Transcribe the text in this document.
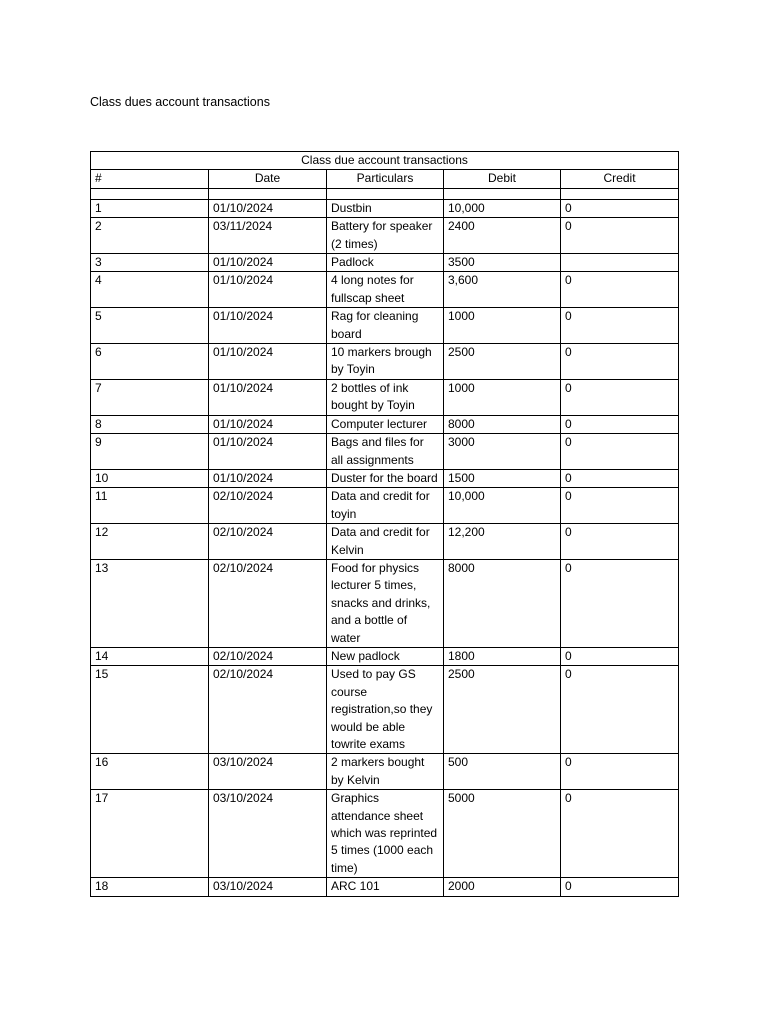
Class dues account transactions
Class due account transactions				
#	Date	Particulars	Debit	Credit

1	01/10/2024	Dustbin	10,000	0
2	03/11/2024	Battery for speaker (2 times)	2400	0
3	01/10/2024	Padlock	3500	
4	01/10/2024	4 long notes for fullscap sheet	3,600	0
5	01/10/2024	Rag for cleaning board	1000	0
6	01/10/2024	10 markers brough by Toyin	2500	0
7	01/10/2024	2 bottles of ink bought by Toyin	1000	0
8	01/10/2024	Computer lecturer	8000	0
9	01/10/2024	Bags and files for all assignments	3000	0
10	01/10/2024	Duster for the board	1500	0
11	02/10/2024	Data and credit for toyin	10,000	0
12	02/10/2024	Data and credit for Kelvin	12,200	0
13	02/10/2024	Food for physics lecturer 5 times, snacks and drinks, and a bottle of water	8000	0
14	02/10/2024	New padlock	1800	0
15	02/10/2024	Used to pay GS course registration,so they would be able towrite exams	2500	0
16	03/10/2024	2 markers bought by Kelvin	500	0
17	03/10/2024	Graphics attendance sheet which was reprinted 5 times (1000 each time)	5000	0
18	03/10/2024	ARC 101	2000	0
